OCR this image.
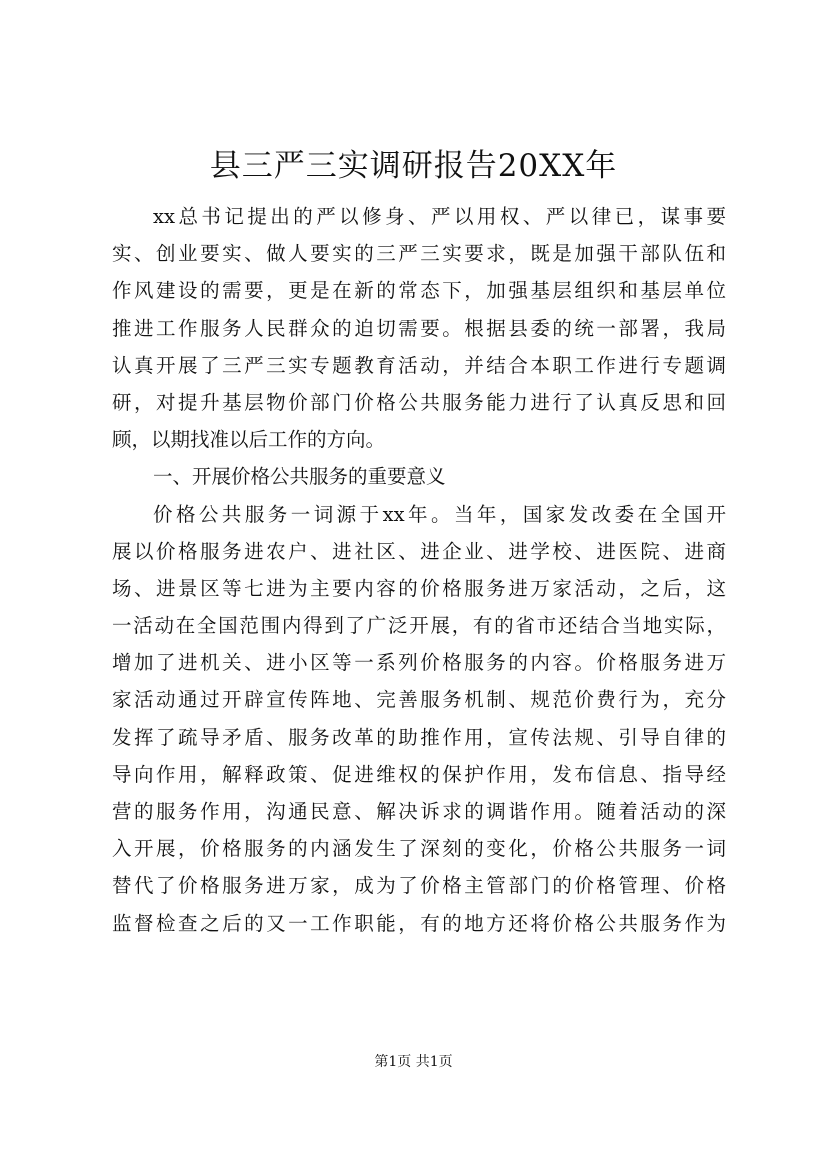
县三严三实调研报告20XX年
xx总书记提出的严以修身、严以用权、严以律已，谋事要
实、创业要实、做人要实的三严三实要求，既是加强干部队伍和
作风建设的需要，更是在新的常态下，加强基层组织和基层单位
推进工作服务人民群众的迫切需要。根据县委的统一部署，我局
认真开展了三严三实专题教育活动，并结合本职工作进行专题调
研，对提升基层物价部门价格公共服务能力进行了认真反思和回
顾，以期找准以后工作的方向。
一、开展价格公共服务的重要意义
价格公共服务一词源于xx年。当年，国家发改委在全国开
展以价格服务进农户、进社区、进企业、进学校、进医院、进商
场、进景区等七进为主要内容的价格服务进万家活动，之后，这
一活动在全国范围内得到了广泛开展，有的省市还结合当地实际，
增加了进机关、进小区等一系列价格服务的内容。价格服务进万
家活动通过开辟宣传阵地、完善服务机制、规范价费行为，充分
发挥了疏导矛盾、服务改革的助推作用，宣传法规、引导自律的
导向作用，解释政策、促进维权的保护作用，发布信息、指导经
营的服务作用，沟通民意、解决诉求的调谐作用。随着活动的深
入开展，价格服务的内涵发生了深刻的变化，价格公共服务一词
替代了价格服务进万家，成为了价格主管部门的价格管理、价格
监督检查之后的又一工作职能，有的地方还将价格公共服务作为
第1页 共1页
